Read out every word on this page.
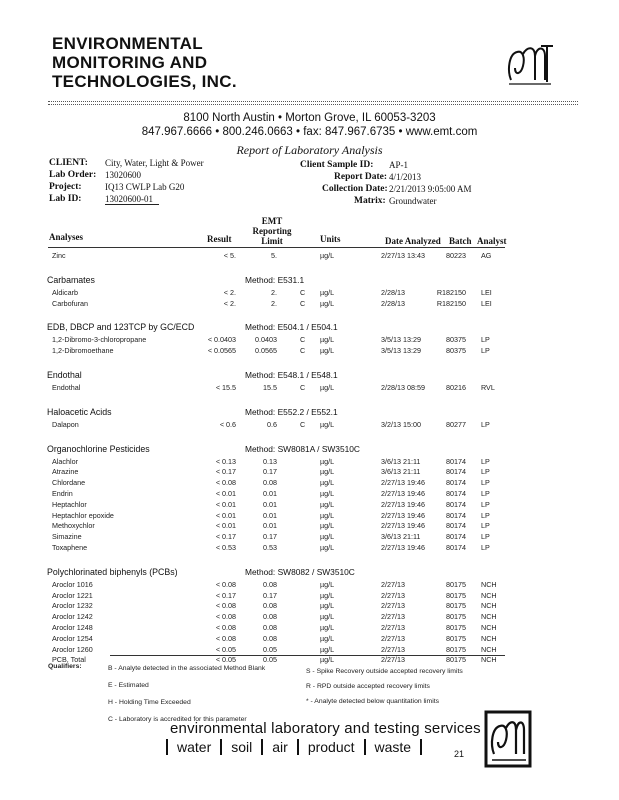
ENVIRONMENTAL
MONITORING AND
TECHNOLOGIES, INC.
8100 North Austin • Morton Grove, IL 60053-3203
847.967.6666 • 800.246.0663 • fax: 847.967.6735 • www.emt.com
Report of Laboratory Analysis
CLIENT: City, Water, Light & Power
Lab Order: 13020600
Project:	IQ13 CWLP Lab G20
Lab ID:	13020600-01
Client Sample ID: AP-1
Report Date: 4/1/2013
Collection Date: 2/21/2013 9:05:00 AM
Matrix: Groundwater
Analyses	Result
EMT
Reporting
Limit	Units	Date Analyzed Batch Analyst
Zinc	< 5.	5.	µg/L	2/27/13 13:43	80223 AG
Carbamates	Method: E531.1
Aldicarb	< 2.	2.	C µg/L	2/28/13	R182150 LEI
Carbofuran	< 2.	2.	C µg/L	2/28/13	R182150 LEI
EDB, DBCP and 123TCP by GC/ECD	Method: E504.1 / E504.1
1,2-Dibromo-3-chloropropane	< 0.0403	0.0403	C µg/L	3/5/13 13:29	80375 LP
1,2-Dibromoethane	< 0.0565	0.0565	C µg/L	3/5/13 13:29	80375 LP
Endothal	Method: E548.1 / E548.1
Endothal	< 15.5	15.5	C µg/L	2/28/13 08:59	80216 RVL
Haloacetic Acids	Method: E552.2 / E552.1
Dalapon	< 0.6	0.6	C µg/L	3/2/13 15:00	80277 LP
Organochlorine Pesticides	Method: SW8081A / SW3510C
Alachlor	< 0.13	0.13	µg/L	3/6/13 21:11	80174 LP
Atrazine	< 0.17	0.17	µg/L	3/6/13 21:11	80174 LP
Chlordane	< 0.08	0.08	µg/L	2/27/13 19:46	80174 LP
Endrin	< 0.01	0.01	µg/L	2/27/13 19:46	80174 LP
Heptachlor	< 0.01	0.01	µg/L	2/27/13 19:46	80174 LP
Heptachlor epoxide	< 0.01	0.01	µg/L	2/27/13 19:46	80174 LP
Methoxychlor	< 0.01	0.01	µg/L	2/27/13 19:46	80174 LP
Simazine	< 0.17	0.17	µg/L	3/6/13 21:11	80174 LP
Toxaphene	< 0.53	0.53	µg/L	2/27/13 19:46	80174 LP
Polychlorinated biphenyls (PCBs)	Method: SW8082 / SW3510C
Aroclor 1016	< 0.08	0.08	µg/L	2/27/13	80175 NCH
Aroclor 1221	< 0.17	0.17	µg/L	2/27/13	80175 NCH
Aroclor 1232	< 0.08	0.08	µg/L	2/27/13	80175 NCH
Aroclor 1242	< 0.08	0.08	µg/L	2/27/13	80175 NCH
Aroclor 1248	< 0.08	0.08	µg/L	2/27/13	80175 NCH
Aroclor 1254	< 0.08	0.08	µg/L	2/27/13	80175 NCH
Aroclor 1260	< 0.05	0.05	µg/L	2/27/13	80175 NCH
PCB, Total	< 0.05	0.05	µg/L	2/27/13	80175 NCH
Qualifiers:	B - Analyte detected in the associated Method Blank
E - Estimated
H - Holding Time Exceeded
C - Laboratory is accredited for this parameter
S - Spike Recovery outside accepted recovery limits
R - RPD outside accepted recovery limits
* - Analyte detected below quantitation limits
environmental laboratory and testing services
water	soil	air	product	waste	21
